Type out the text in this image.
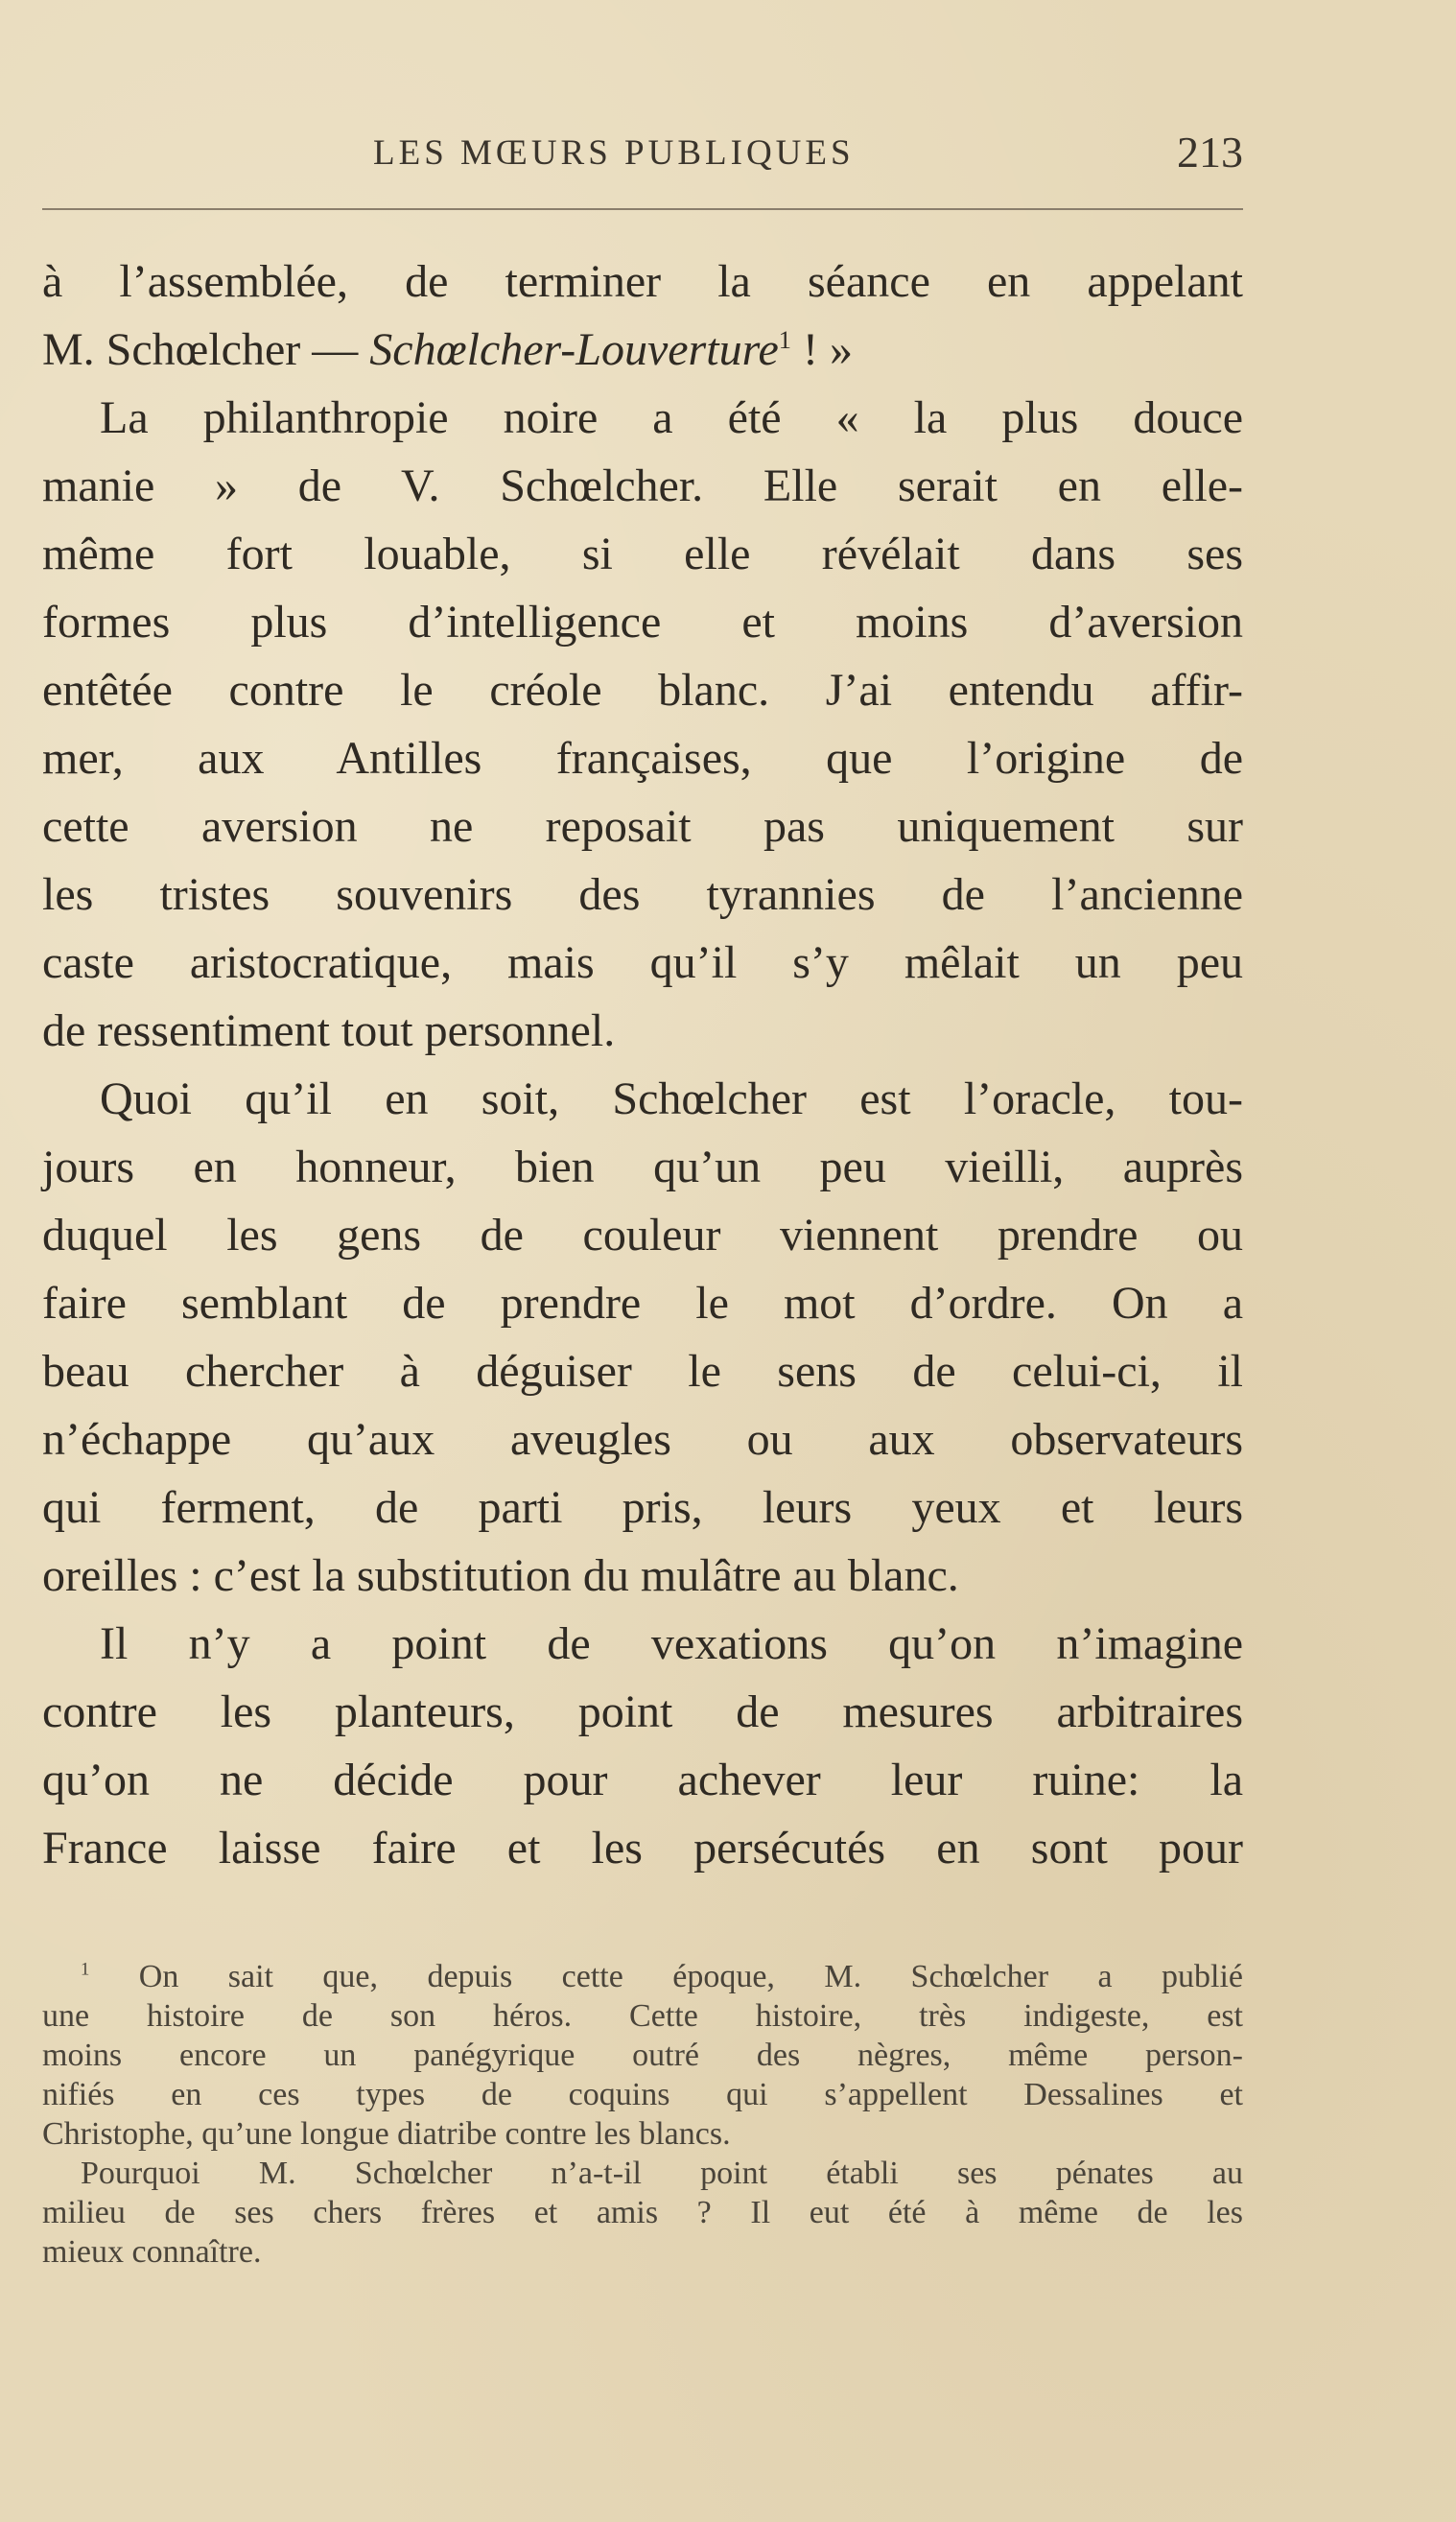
LES MŒURS PUBLIQUES	213
à l’assemblée, de terminer la séance en appelant
M. Schœlcher — Schœlcher-Louverture$^1$ ! »
La philanthropie noire a été « la plus douce
manie » de V. Schœlcher. Elle serait en elle-
même fort louable, si elle révélait dans ses
formes plus d’intelligence et moins d’aversion
entêtée contre le créole blanc. J’ai entendu affir-
mer, aux Antilles françaises, que l’origine de
cette aversion ne reposait pas uniquement sur
les tristes souvenirs des tyrannies de l’ancienne
caste aristocratique, mais qu’il s’y mêlait un peu
de ressentiment tout personnel.
Quoi qu’il en soit, Schœlcher est l’oracle, tou-
jours en honneur, bien qu’un peu vieilli, auprès
duquel les gens de couleur viennent prendre ou
faire semblant de prendre le mot d’ordre. On a
beau chercher à déguiser le sens de celui-ci, il
n’échappe qu’aux aveugles ou aux observateurs
qui ferment, de parti pris, leurs yeux et leurs
oreilles : c’est la substitution du mulâtre au blanc.
Il n’y a point de vexations qu’on n’imagine
contre les planteurs, point de mesures arbitraires
qu’on ne décide pour achever leur ruine: la
France laisse faire et les persécutés en sont pour
$^1$ On sait que, depuis cette époque, M. Schœlcher a publié
une histoire de son héros. Cette histoire, très indigeste, est
moins encore un panégyrique outré des nègres, même person-
nifiés en ces types de coquins qui s’appellent Dessalines et
Christophe, qu’une longue diatribe contre les blancs.
Pourquoi M. Schœlcher n’a-t-il point établi ses pénates au
milieu de ses chers frères et amis ? Il eut été à même de les
mieux connaître.
